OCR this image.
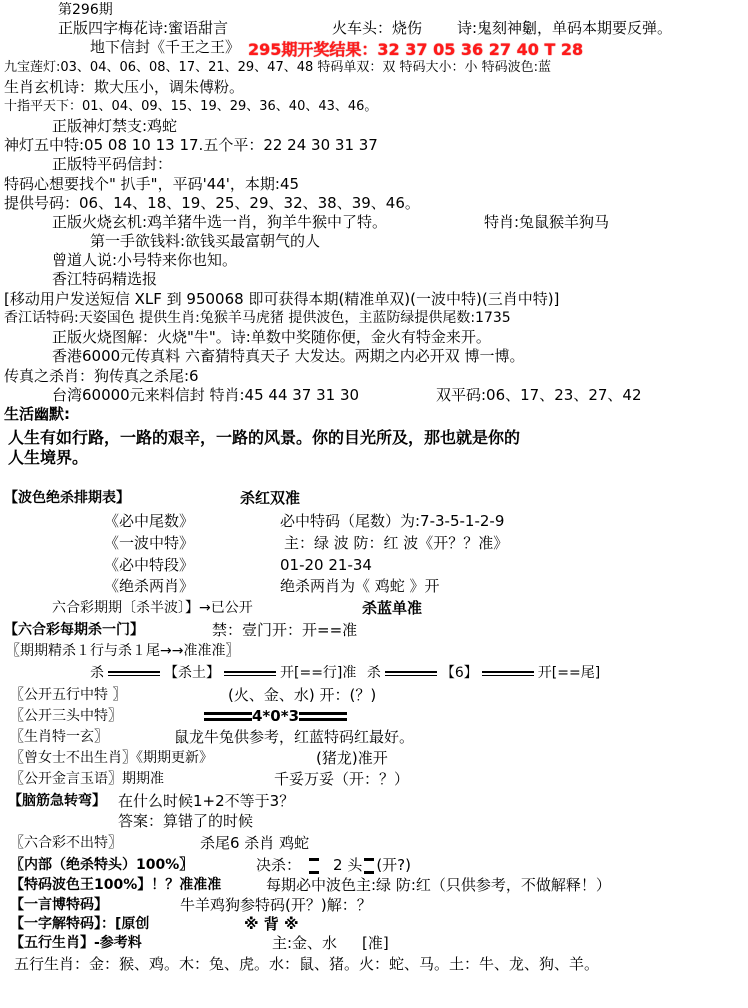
第296期
正版四字梅花诗:蜜语甜言	火车头：烧伤 诗:鬼刻神劖，单码本期要反弹。
地下信封《千王之王》 295期开奖结果：32 37 05 36 27 40 T 28
九宝莲灯:03、04、06、08、17、21、29、47、48 特码单双：双 特码大小：小 特码波色:蓝
生肖玄机诗：欺大压小，调朱傅粉。
十指平天下：01、04、09、15、19、29、36、40、43、46。
正版神灯禁支:鸡蛇
神灯五中特:05 08 10 13 17.五个平：22 24 30 31 37
正版特平码信封：
特码心想要找个" 扒手"，平码'44'，本期:45
提供号码：06、14、18、19、25、29、32、38、39、46。
正版火烧玄机:鸡羊猪牛选一肖，狗羊牛猴中了特。	特肖:兔鼠猴羊狗马
第一手欲钱料:欲钱买最富朝气的人
曾道人说:小号特来你也知。
香江特码精选报
[移动用户发送短信 XLF 到 950068 即可获得本期(精准单双)(一波中特)(三肖中特)]
香江话特码:天姿国色 提供生肖:兔猴羊马虎猪 提供波色，主蓝防绿提供尾数:1735
正版火烧图解：火烧"牛"。诗:单数中奖随你便，金火有特金来开。
香港6000元传真料 六畜猜特真天子 大发达。两期之内必开双 博一博。
传真之杀肖：狗传真之杀尾:6
台湾60000元来料信封 特肖:45 44 37 31 30	双平码:06、17、23、27、42
生活幽默:
人生有如行路，一路的艰辛，一路的风景。你的目光所及，那也就是你的
人生境界。
【波色绝杀排期表】	杀红双准
《必中尾数》	必中特码（尾数）为:7-3-5-1-2-9
《一波中特》	主：绿 波 防：红 波《开？？准》
《必中特段》	01-20 21-34
《绝杀两肖》	绝杀两肖为《 鸡蛇 》开
六合彩期期〔杀半波〕】→已公开	杀蓝单准
【六合彩每期杀一门】	禁：壹门开：开==准
〖期期精杀１行与杀１尾→→准准准〗
杀	【杀土】	开[==行]准 杀	【6】	开[==尾]
〖公开五行中特 〗	(火、金、水) 开：(？)
〖公开三头中特〗	4*0*3
〖生肖特一玄〗	鼠龙牛兔供参考，红蓝特码红最好。
〖曾女士不出生肖〗《期期更新》	(猪龙)准开
〖公开金言玉语〗期期准	千妥万妥（开：？）
【脑筋急转弯】 在什么时候1+2不等于3？
答案：算错了的时候
〖六合彩不出特〗	杀尾6 杀肖 鸡蛇
〖内部（绝杀特头）100%〗	决杀： 2 头 (开?)
【特码波色王100%】！？准准准	每期必中波色主:绿 防:红（只供参考，不做解释！）
【一言博特码】	牛羊鸡狗参特码(开？)解：？
【一字解特码】：[原创	※ 背 ※
【五行生肖】-参考料	主:金、水 [准]
五行生肖：金：猴、鸡。木：兔、虎。水：鼠、猪。火：蛇、马。土：牛、龙、狗、羊。
